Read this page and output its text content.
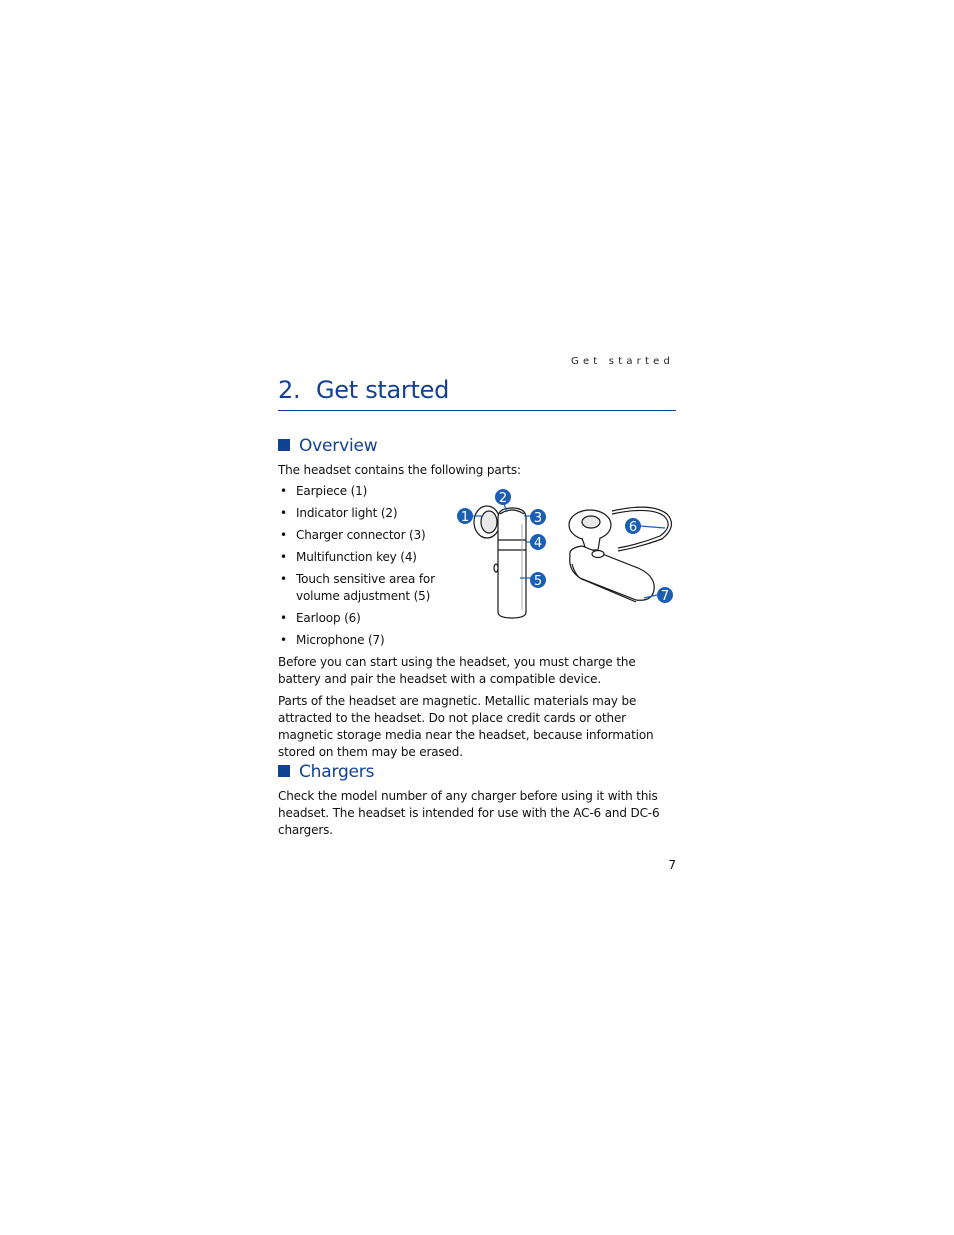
Get started
2. Get started
Overview

The headset contains the following parts:

• Earpiece (1)
• Indicator light (2)
• Charger connector (3)
• Multifunction key (4)
• Touch sensitive area for volume adjustment (5)
• Earloop (6)
• Microphone (7)
1
2
3
4
5
6
7

Before you can start using the headset, you must charge the battery and pair the headset with a compatible device.

Parts of the headset are magnetic. Metallic materials may be attracted to the headset. Do not place credit cards or other magnetic storage media near the headset, because information stored on them may be erased.

Chargers

Check the model number of any charger before using it with this headset. The headset is intended for use with the AC-6 and DC-6 chargers.

7
